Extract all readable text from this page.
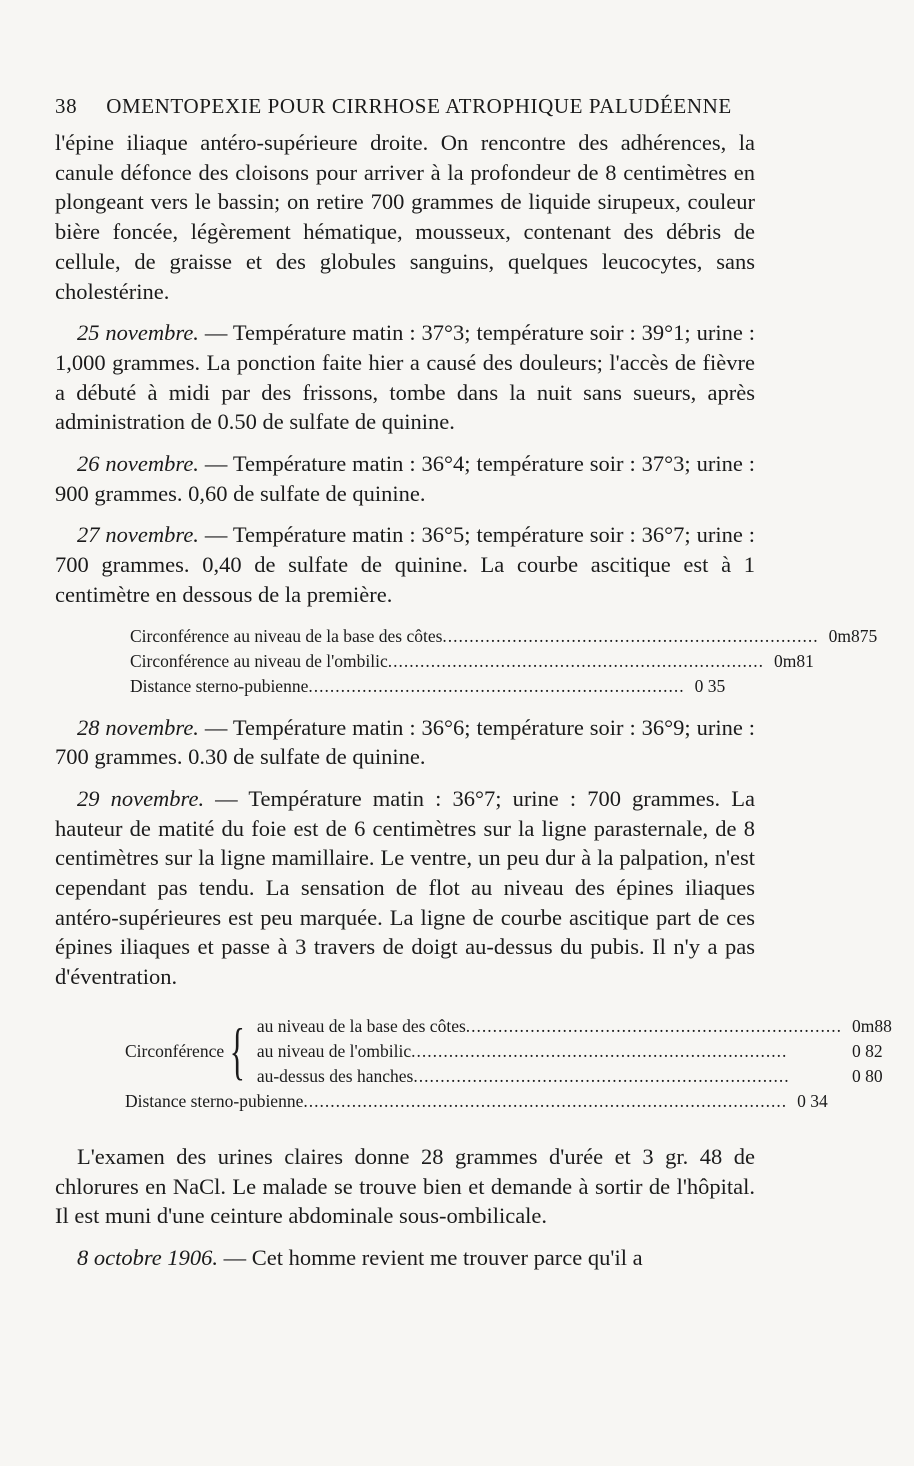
38	OMENTOPEXIE POUR CIRRHOSE ATROPHIQUE PALUDÉENNE

l'épine iliaque antéro-supérieure droite. On rencontre des adhérences, la canule défonce des cloisons pour arriver à la profondeur de 8 centimètres en plongeant vers le bassin; on retire 700 grammes de liquide sirupeux, couleur bière foncée, légèrement hématique, mousseux, contenant des débris de cellule, de graisse et des globules sanguins, quelques leucocytes, sans cholestérine.

25 novembre. — Température matin : 37°3; température soir : 39°1; urine : 1,000 grammes. La ponction faite hier a causé des douleurs; l'accès de fièvre a débuté à midi par des frissons, tombe dans la nuit sans sueurs, après administration de 0.50 de sulfate de quinine.

26 novembre. — Température matin : 36°4; température soir : 37°3; urine : 900 grammes. 0,60 de sulfate de quinine.

27 novembre. — Température matin : 36°5; température soir : 36°7; urine : 700 grammes. 0,40 de sulfate de quinine. La courbe ascitique est à 1 centimètre en dessous de la première.

Circonférence au niveau de la base des côtes ...................................................................... 0m875
Circonférence au niveau de l'ombilic ...................................................................... 0m81
Distance sterno-pubienne ...................................................................... 0 35

28 novembre. — Température matin : 36°6; température soir : 36°9; urine : 700 grammes. 0.30 de sulfate de quinine.

29 novembre. — Température matin : 36°7; urine : 700 grammes. La hauteur de matité du foie est de 6 centimètres sur la ligne parasternale, de 8 centimètres sur la ligne mamillaire. Le ventre, un peu dur à la palpation, n'est cependant pas tendu. La sensation de flot au niveau des épines iliaques antéro-supérieures est peu marquée. La ligne de courbe ascitique part de ces épines iliaques et passe à 3 travers de doigt au-dessus du pubis. Il n'y a pas d'éventration.

Circonférence { au niveau de la base des côtes ...................................................................... 0m88
au niveau de l'ombilic ......................................................................	0 82
au-dessus des hanches ......................................................................	0 80
Distance sterno-pubienne .......................................................................................... 0 34

L'examen des urines claires donne 28 grammes d'urée et 3 gr. 48 de chlorures en NaCl. Le malade se trouve bien et demande à sortir de l'hôpital. Il est muni d'une ceinture abdominale sous-ombilicale.

8 octobre 1906. — Cet homme revient me trouver parce qu'il a
